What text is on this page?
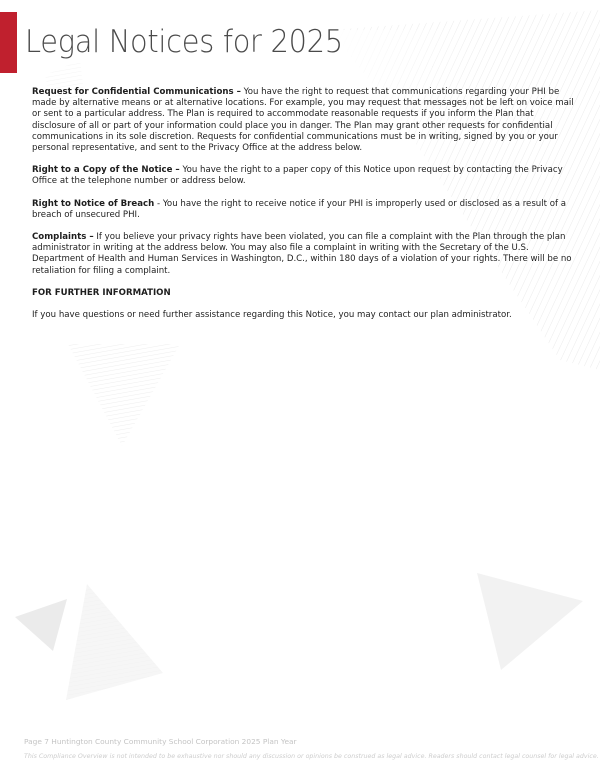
Legal Notices for 2025

Request for Confidential Communications – You have the right to request that communications regarding your PHI be made by alternative means or at alternative locations. For example, you may request that messages not be left on voice mail or sent to a particular address. The Plan is required to accommodate reasonable requests if you inform the Plan that disclosure of all or part of your information could place you in danger. The Plan may grant other requests for confidential communications in its sole discretion. Requests for confidential communications must be in writing, signed by you or your personal representative, and sent to the Privacy Office at the address below.

Right to a Copy of the Notice – You have the right to a paper copy of this Notice upon request by contacting the Privacy Office at the telephone number or address below.

Right to Notice of Breach - You have the right to receive notice if your PHI is improperly used or disclosed as a result of a breach of unsecured PHI.

Complaints – If you believe your privacy rights have been violated, you can file a complaint with the Plan through the plan administrator in writing at the address below. You may also file a complaint in writing with the Secretary of the U.S. Department of Health and Human Services in Washington, D.C., within 180 days of a violation of your rights. There will be no retaliation for filing a complaint.

FOR FURTHER INFORMATION

If you have questions or need further assistance regarding this Notice, you may contact our plan administrator.

Page 7 Huntington County Community School Corporation 2025 Plan Year
This Compliance Overview is not intended to be exhaustive nor should any discussion or opinions be construed as legal advice. Readers should contact legal counsel for legal advice.
